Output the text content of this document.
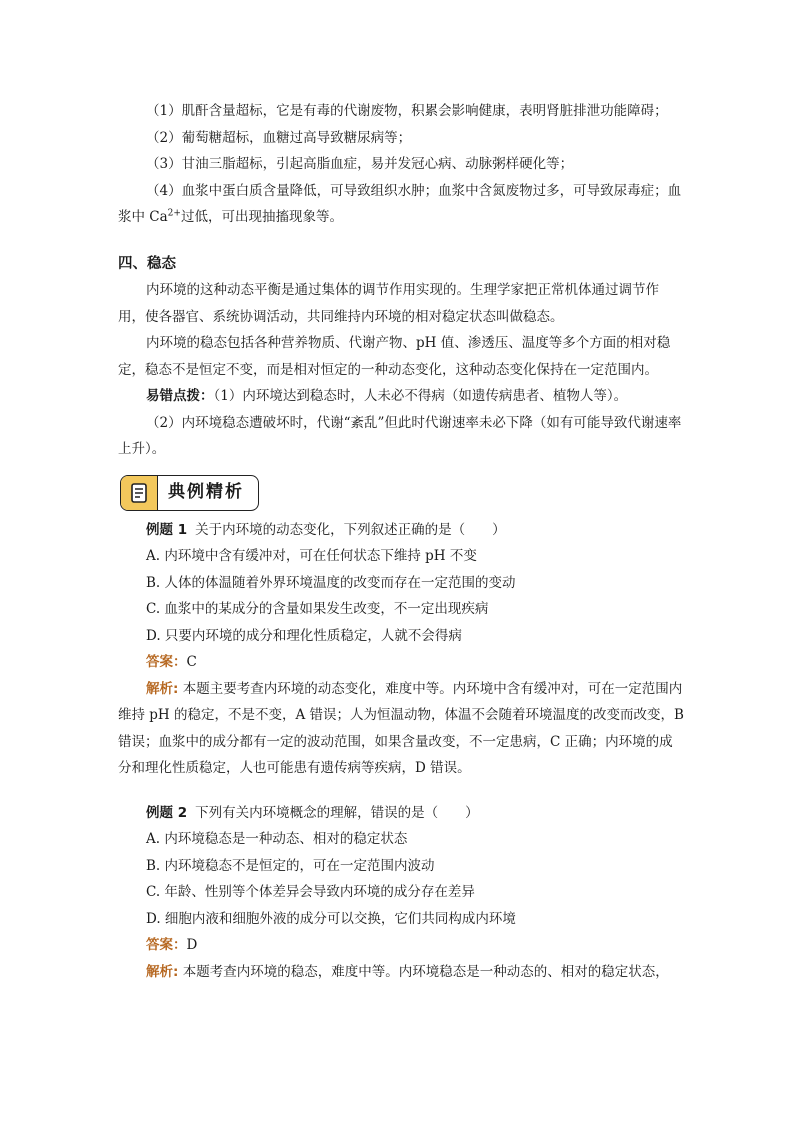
（1）肌酐含量超标，它是有毒的代谢废物，积累会影响健康，表明肾脏排泄功能障碍；

（2）葡萄糖超标，血糖过高导致糖尿病等；

（3）甘油三脂超标，引起高脂血症，易并发冠心病、动脉粥样硬化等；

（4）血浆中蛋白质含量降低，可导致组织水肿；血浆中含氮废物过多，可导致尿毒症；血浆中 $Ca^{2+}$过低，可出现抽搐现象等。

四、稳态

内环境的这种动态平衡是通过集体的调节作用实现的。生理学家把正常机体通过调节作用，使各器官、系统协调活动，共同维持内环境的相对稳定状态叫做稳态。

内环境的稳态包括各种营养物质、代谢产物、pH 值、渗透压、温度等多个方面的相对稳定，稳态不是恒定不变，而是相对恒定的一种动态变化，这种动态变化保持在一定范围内。

易错点拨：（1）内环境达到稳态时，人未必不得病（如遗传病患者、植物人等）。

（2）内环境稳态遭破坏时，代谢“紊乱”但此时代谢速率未必下降（如有可能导致代谢速率上升）。

典例精析

例题 1 关于内环境的动态变化，下列叙述正确的是（　　）

A. 内环境中含有缓冲对，可在任何状态下维持 pH 不变

B. 人体的体温随着外界环境温度的改变而存在一定范围的变动

C. 血浆中的某成分的含量如果发生改变，不一定出现疾病

D. 只要内环境的成分和理化性质稳定，人就不会得病

答案：C

解析: 本题主要考查内环境的动态变化，难度中等。内环境中含有缓冲对，可在一定范围内维持 pH 的稳定，不是不变，A 错误；人为恒温动物，体温不会随着环境温度的改变而改变，B 错误；血浆中的成分都有一定的波动范围，如果含量改变，不一定患病，C 正确；内环境的成分和理化性质稳定，人也可能患有遗传病等疾病，D 错误。

例题 2 下列有关内环境概念的理解，错误的是（　　）

A. 内环境稳态是一种动态、相对的稳定状态

B. 内环境稳态不是恒定的，可在一定范围内波动

C. 年龄、性别等个体差异会导致内环境的成分存在差异

D. 细胞内液和细胞外液的成分可以交换，它们共同构成内环境

答案：D

解析: 本题考查内环境的稳态，难度中等。内环境稳态是一种动态的、相对的稳定状态，
